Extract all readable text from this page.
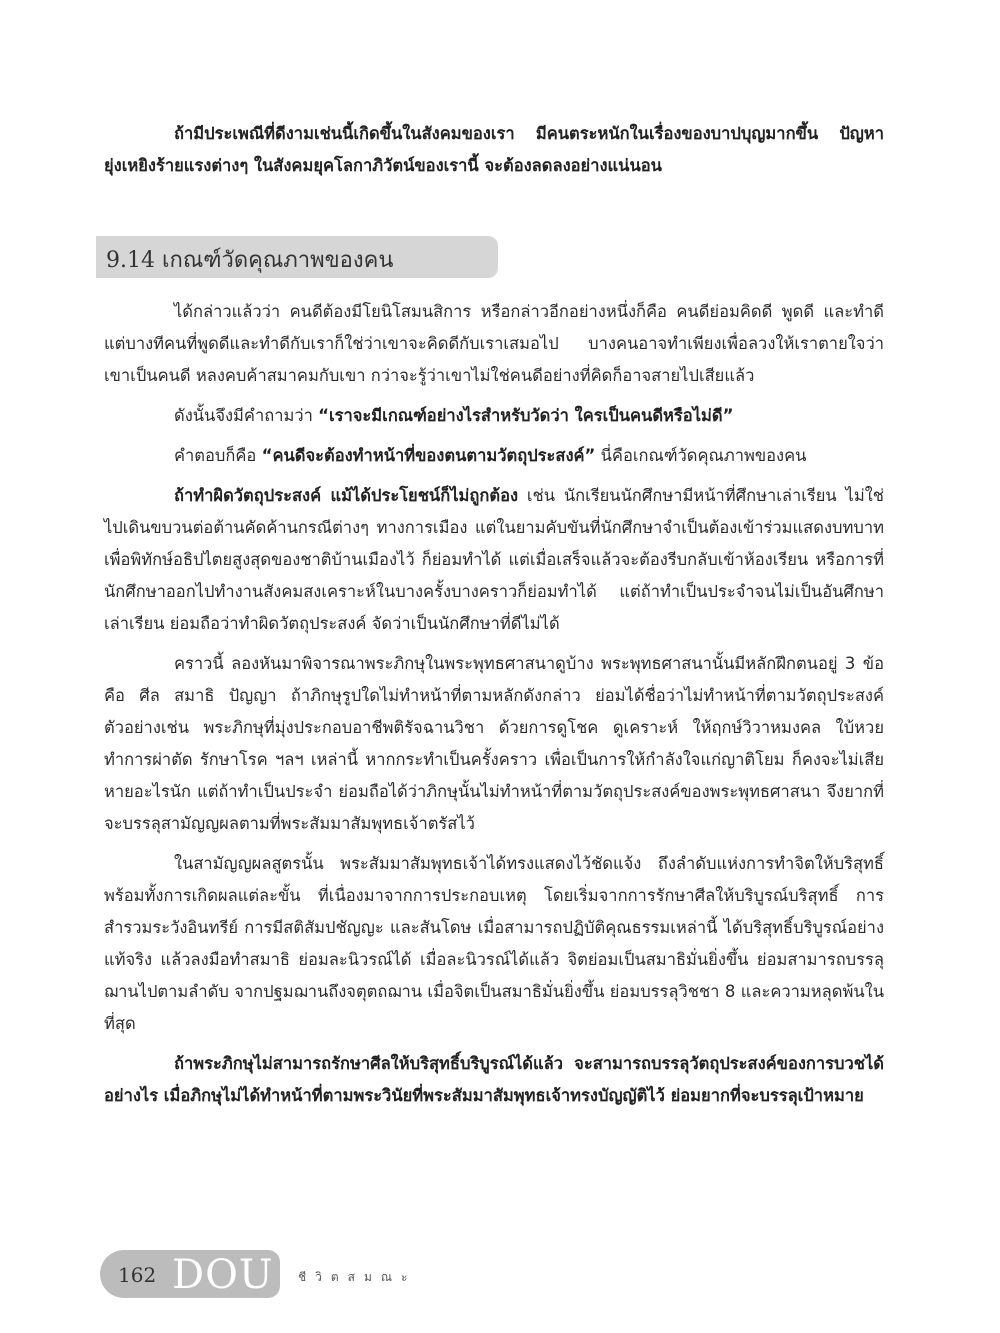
ถ้ามีประเพณีที่ดีงามเช่นนี้เกิดขึ้นในสังคมของเรา มีคนตระหนักในเรื่องของบาปบุญมากขึ้น ปัญหายุ่งเหยิงร้ายแรงต่างๆ ในสังคมยุคโลกาภิวัตน์ของเรานี้ จะต้องลดลงอย่างแน่นอน

9.14 เกณฑ์วัดคุณภาพของคน

ได้กล่าวแล้วว่า คนดีต้องมีโยนิโสมนสิการ หรือกล่าวอีกอย่างหนึ่งก็คือ คนดีย่อมคิดดี พูดดี และทำดี แต่บางทีคนที่พูดดีและทำดีกับเราก็ใช่ว่าเขาจะคิดดีกับเราเสมอไป บางคนอาจทำเพียงเพื่อลวงให้เราตายใจว่าเขาเป็นคนดี หลงคบค้าสมาคมกับเขา กว่าจะรู้ว่าเขาไม่ใช่คนดีอย่างที่คิดก็อาจสายไปเสียแล้ว

ดังนั้นจึงมีคำถามว่า “เราจะมีเกณฑ์อย่างไรสำหรับวัดว่า ใครเป็นคนดีหรือไม่ดี”

คำตอบก็คือ “คนดีจะต้องทำหน้าที่ของตนตามวัตถุประสงค์” นี่คือเกณฑ์วัดคุณภาพของคน

ถ้าทำผิดวัตถุประสงค์ แม้ได้ประโยชน์ก็ไม่ถูกต้อง เช่น นักเรียนนักศึกษามีหน้าที่ศึกษาเล่าเรียน ไม่ใช่ไปเดินขบวนต่อต้านคัดค้านกรณีต่างๆ ทางการเมือง แต่ในยามคับขันที่นักศึกษาจำเป็นต้องเข้าร่วมแสดงบทบาท เพื่อพิทักษ์อธิปไตยสูงสุดของชาติบ้านเมืองไว้ ก็ย่อมทำได้ แต่เมื่อเสร็จแล้วจะต้องรีบกลับเข้าห้องเรียน หรือการที่นักศึกษาออกไปทำงานสังคมสงเคราะห์ในบางครั้งบางคราวก็ย่อมทำได้ แต่ถ้าทำเป็นประจำจนไม่เป็นอันศึกษาเล่าเรียน ย่อมถือว่าทำผิดวัตถุประสงค์ จัดว่าเป็นนักศึกษาที่ดีไม่ได้

คราวนี้ ลองหันมาพิจารณาพระภิกษุในพระพุทธศาสนาดูบ้าง พระพุทธศาสนานั้นมีหลักฝึกตนอยู่ 3 ข้อ คือ ศีล สมาธิ ปัญญา ถ้าภิกษุรูปใดไม่ทำหน้าที่ตามหลักดังกล่าว ย่อมได้ชื่อว่าไม่ทำหน้าที่ตามวัตถุประสงค์ ตัวอย่างเช่น พระภิกษุที่มุ่งประกอบอาชีพติรัจฉานวิชา ด้วยการดูโชค ดูเคราะห์ ให้ฤกษ์วิวาหมงคล ใบ้หวย ทำการผ่าตัด รักษาโรค ฯลฯ เหล่านี้ หากกระทำเป็นครั้งคราว เพื่อเป็นการให้กำลังใจแก่ญาติโยม ก็คงจะไม่เสียหายอะไรนัก แต่ถ้าทำเป็นประจำ ย่อมถือได้ว่าภิกษุนั้นไม่ทำหน้าที่ตามวัตถุประสงค์ของพระพุทธศาสนา จึงยากที่จะบรรลุสามัญญผลตามที่พระสัมมาสัมพุทธเจ้าตรัสไว้

ในสามัญญผลสูตรนั้น พระสัมมาสัมพุทธเจ้าได้ทรงแสดงไว้ชัดแจ้ง ถึงลำดับแห่งการทำจิตให้บริสุทธิ์ พร้อมทั้งการเกิดผลแต่ละขั้น ที่เนื่องมาจากการประกอบเหตุ โดยเริ่มจากการรักษาศีลให้บริบูรณ์บริสุทธิ์ การสำรวมระวังอินทรีย์ การมีสติสัมปชัญญะ และสันโดษ เมื่อสามารถปฏิบัติคุณธรรมเหล่านี้ ได้บริสุทธิ์บริบูรณ์อย่างแท้จริง แล้วลงมือทำสมาธิ ย่อมละนิวรณ์ได้ เมื่อละนิวรณ์ได้แล้ว จิตย่อมเป็นสมาธิมั่นยิ่งขึ้น ย่อมสามารถบรรลุฌานไปตามลำดับ จากปฐมฌานถึงจตุตถฌาน เมื่อจิตเป็นสมาธิมั่นยิ่งขึ้น ย่อมบรรลุวิชชา 8 และความหลุดพ้นในที่สุด

ถ้าพระภิกษุไม่สามารถรักษาศีลให้บริสุทธิ์บริบูรณ์ได้แล้ว จะสามารถบรรลุวัตถุประสงค์ของการบวชได้อย่างไร เมื่อภิกษุไม่ได้ทำหน้าที่ตามพระวินัยที่พระสัมมาสัมพุทธเจ้าทรงบัญญัติไว้ ย่อมยากที่จะบรรลุเป้าหมาย

162 DOU ชีวิตสมณะ
